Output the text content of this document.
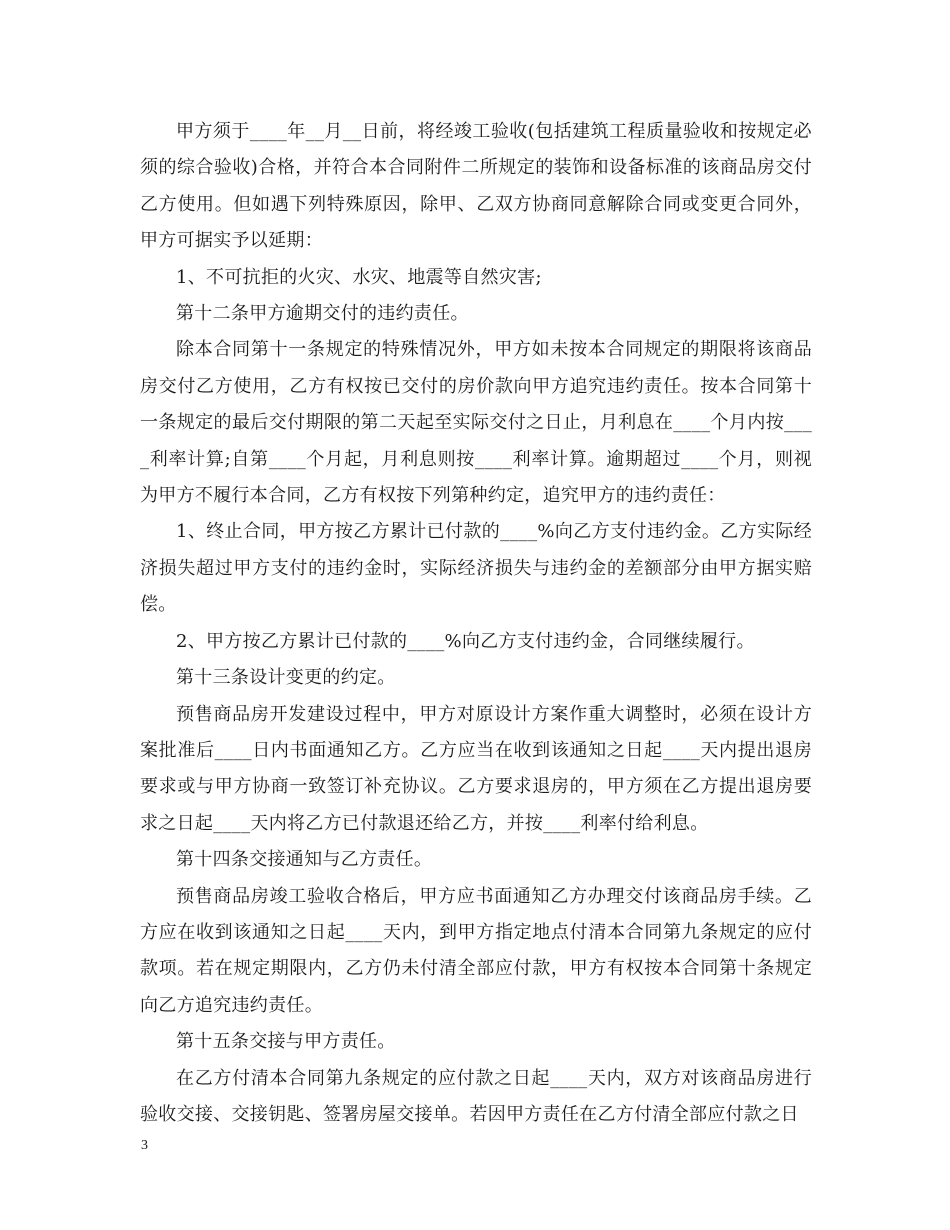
甲方须于____年__月__日前，将经竣工验收(包括建筑工程质量验收和按规定必须的综合验收)合格，并符合本合同附件二所规定的装饰和设备标准的该商品房交付乙方使用。但如遇下列特殊原因，除甲、乙双方协商同意解除合同或变更合同外，甲方可据实予以延期：

1、不可抗拒的火灾、水灾、地震等自然灾害;

第十二条甲方逾期交付的违约责任。

除本合同第十一条规定的特殊情况外，甲方如未按本合同规定的期限将该商品房交付乙方使用，乙方有权按已交付的房价款向甲方追究违约责任。按本合同第十一条规定的最后交付期限的第二天起至实际交付之日止，月利息在____个月内按____利率计算;自第____个月起，月利息则按____利率计算。逾期超过____个月，则视为甲方不履行本合同，乙方有权按下列第种约定，追究甲方的违约责任：

1、终止合同，甲方按乙方累计已付款的____%向乙方支付违约金。乙方实际经济损失超过甲方支付的违约金时，实际经济损失与违约金的差额部分由甲方据实赔偿。

2、甲方按乙方累计已付款的____%向乙方支付违约金，合同继续履行。

第十三条设计变更的约定。

预售商品房开发建设过程中，甲方对原设计方案作重大调整时，必须在设计方案批准后____日内书面通知乙方。乙方应当在收到该通知之日起____天内提出退房要求或与甲方协商一致签订补充协议。乙方要求退房的，甲方须在乙方提出退房要求之日起____天内将乙方已付款退还给乙方，并按____利率付给利息。

第十四条交接通知与乙方责任。

预售商品房竣工验收合格后，甲方应书面通知乙方办理交付该商品房手续。乙方应在收到该通知之日起____天内，到甲方指定地点付清本合同第九条规定的应付款项。若在规定期限内，乙方仍未付清全部应付款，甲方有权按本合同第十条规定向乙方追究违约责任。

第十五条交接与甲方责任。

在乙方付清本合同第九条规定的应付款之日起____天内，双方对该商品房进行验收交接、交接钥匙、签署房屋交接单。若因甲方责任在乙方付清全部应付款之日

3
